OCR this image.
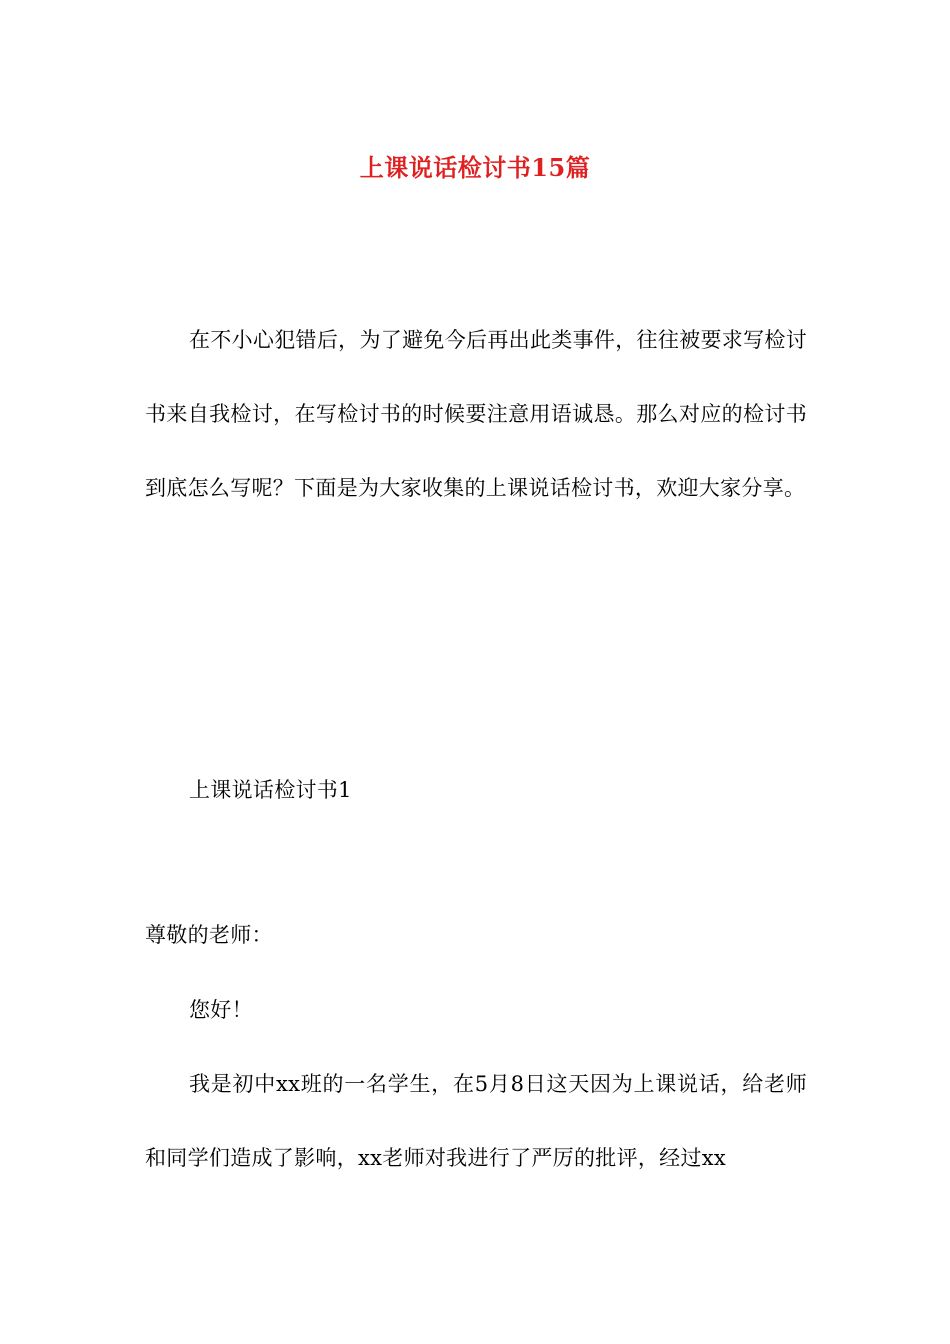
上课说话检讨书15篇

在不小心犯错后，为了避免今后再出此类事件，往往被要求写检讨书来自我检讨，在写检讨书的时候要注意用语诚恳。那么对应的检讨书到底怎么写呢？下面是为大家收集的上课说话检讨书，欢迎大家分享。

上课说话检讨书1

尊敬的老师：

您好！

我是初中xx班的一名学生，在5月8日这天因为上课说话，给老师和同学们造成了影响，xx老师对我进行了严厉的批评，经过xx
